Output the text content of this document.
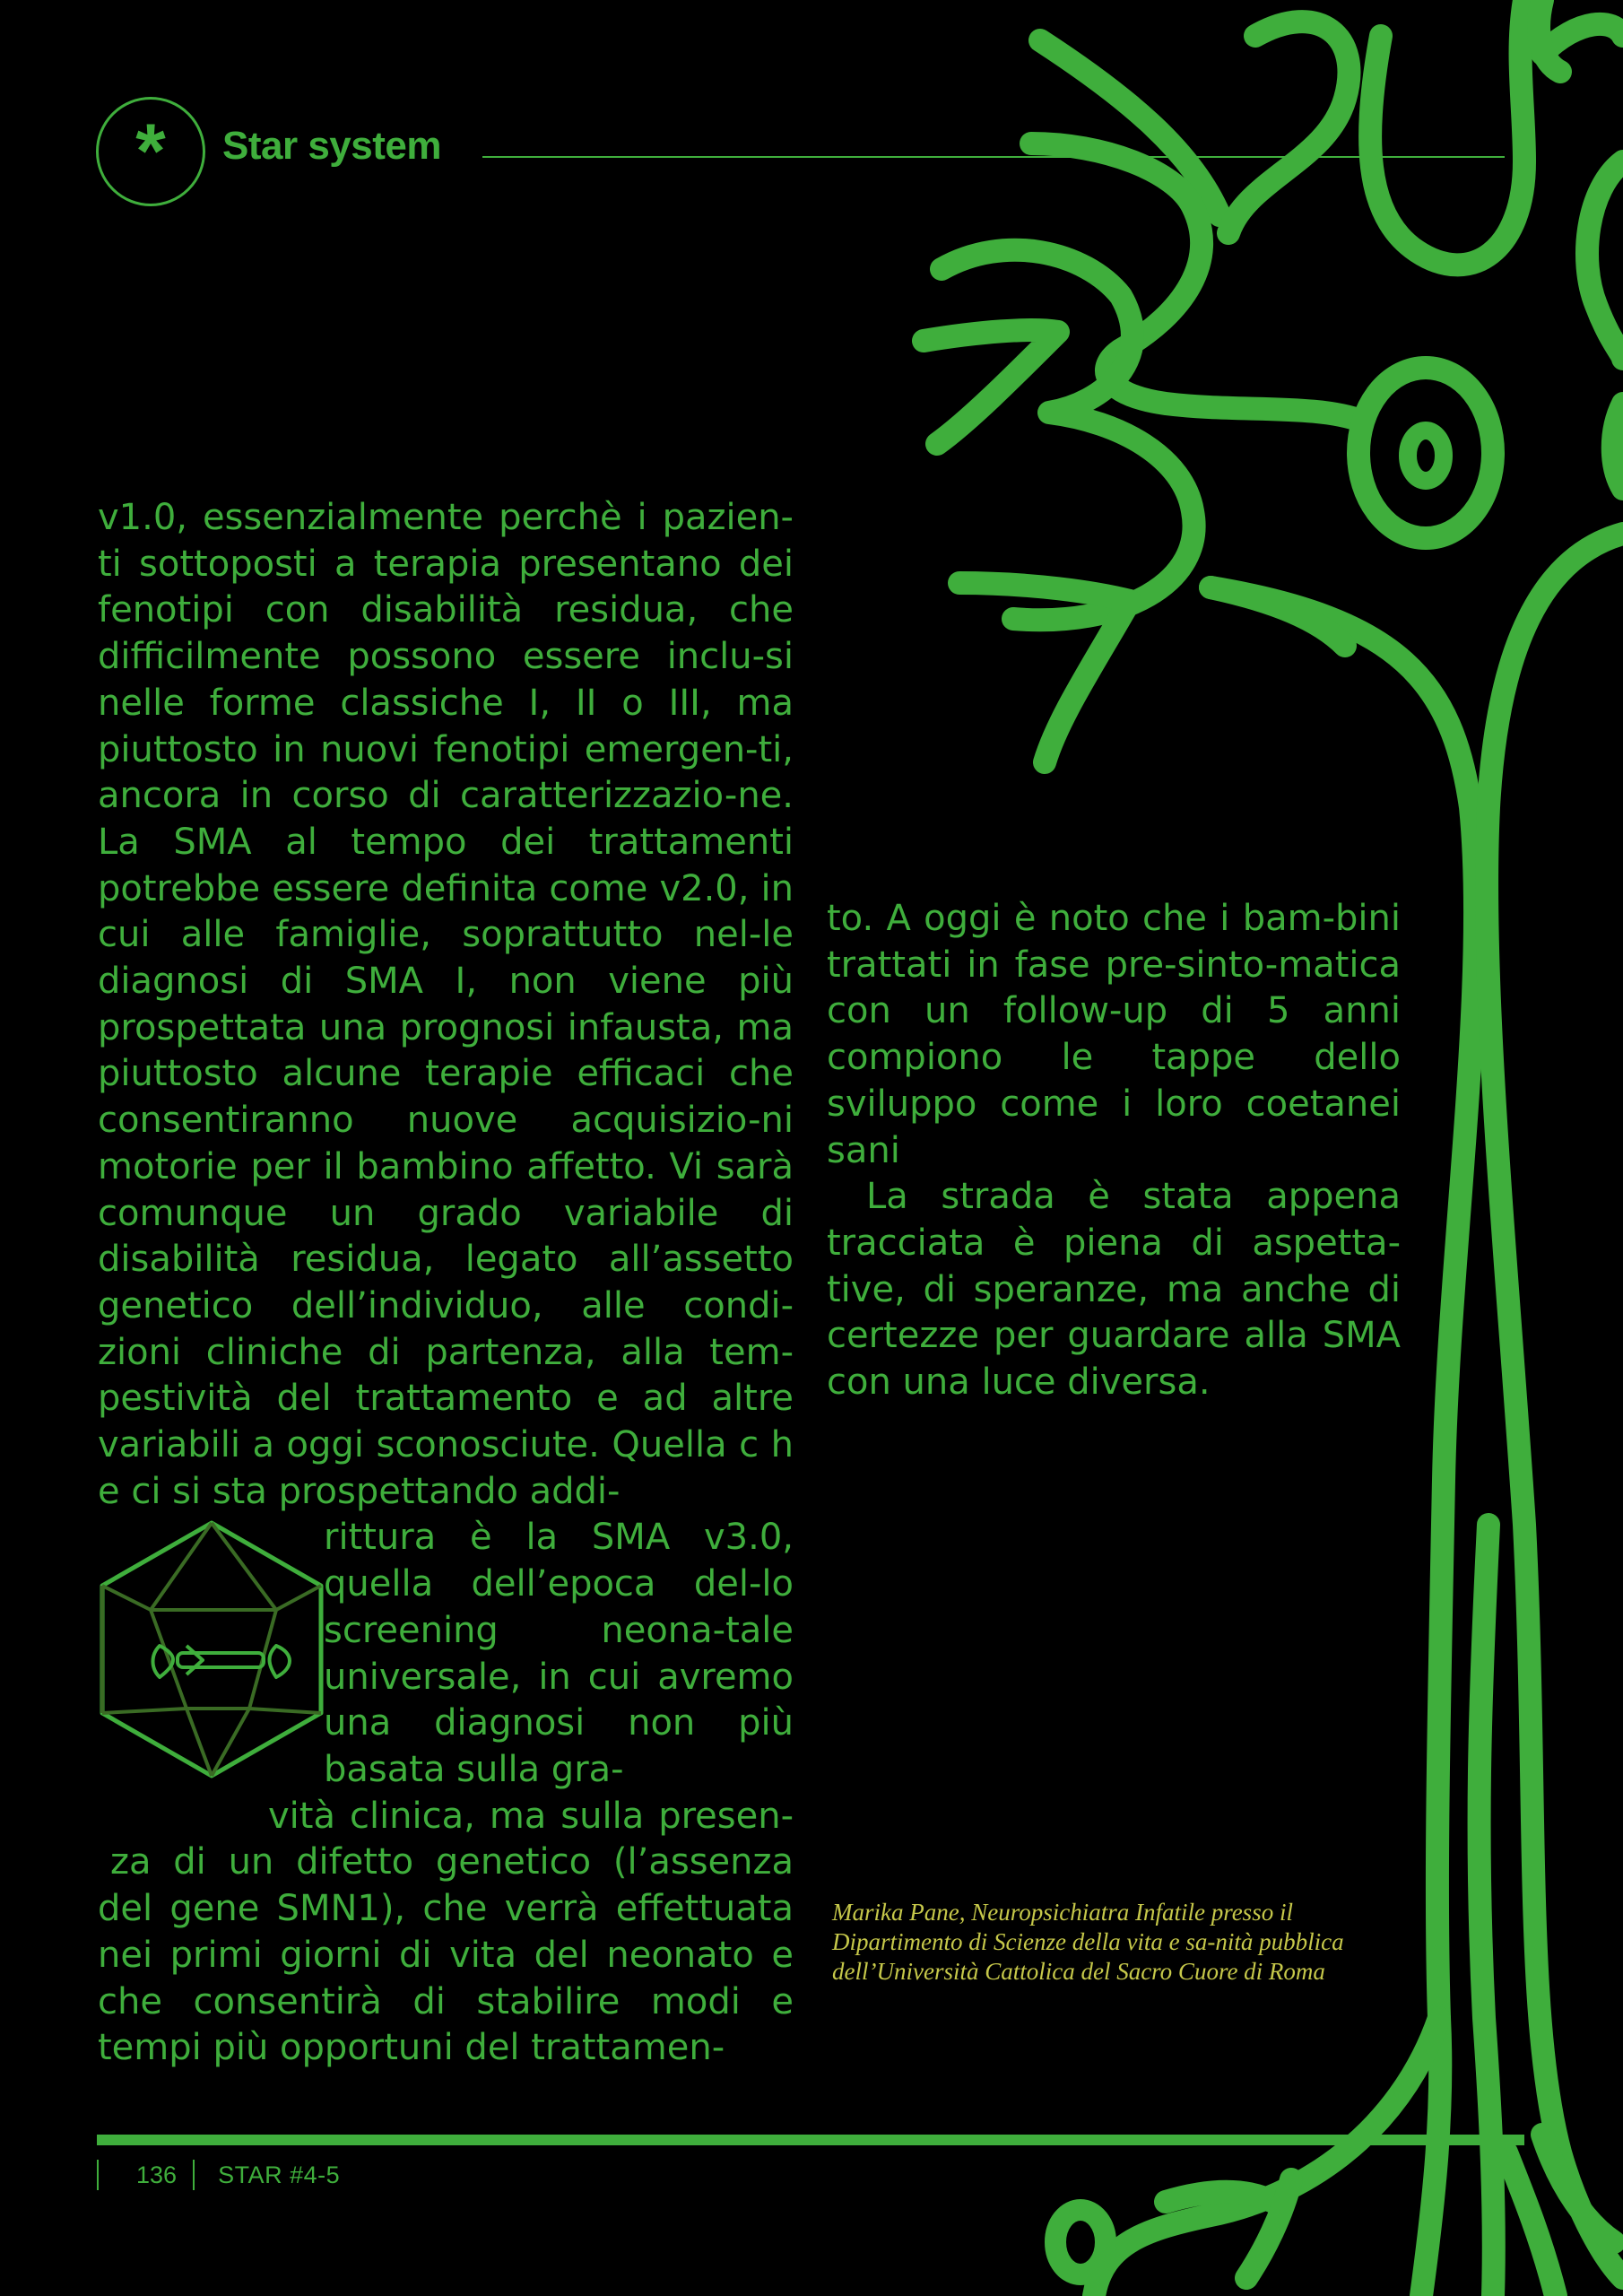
*	Star system

v1.0, essenzialmente perchè i pazien-ti sottoposti a terapia presentano dei fenotipi con disabilità residua, che difficilmente possono essere inclu-si nelle forme classiche I, II o III, ma piuttosto in nuovi fenotipi emergen-ti, ancora in corso di caratterizzazio-ne. La SMA al tempo dei trattamenti potrebbe essere definita come v2.0, in cui alle famiglie, soprattutto nel-le diagnosi di SMA I, non viene più prospettata una prognosi infausta, ma piuttosto alcune terapie efficaci che consentiranno nuove acquisizio-ni motorie per il bambino affetto. Vi sarà comunque un grado variabile di disabilità residua, legato all’assetto genetico dell’individuo, alle condi-zioni cliniche di partenza, alla tem-pestività del trattamento e ad altre variabili a oggi sconosciute. Quella c h e ci si sta prospettando addi-

rittura è la SMA v3.0, quella dell’epoca del-lo screening neona-tale universale, in cui avremo una diagnosi non più basata sulla gra-
vità clinica, ma sulla presen-
za di un difetto genetico (l’assenza del gene SMN1), che verrà effettuata nei primi giorni di vita del neonato e che consentirà di stabilire modi e tempi più opportuni del trattamen-

to. A oggi è noto che i bam-bini trattati in fase pre-sinto-matica con un follow-up di 5 anni compiono le tappe dello sviluppo come i loro coetanei sani

La strada è stata appena tracciata è piena di aspetta-tive, di speranze, ma anche di certezze per guardare alla SMA con una luce diversa.

Marika Pane, Neuropsichiatra Infatile presso il Dipartimento di Scienze della vita e sa-nità pubblica dell’Università Cattolica del Sacro Cuore di Roma
136 STAR #4-5
